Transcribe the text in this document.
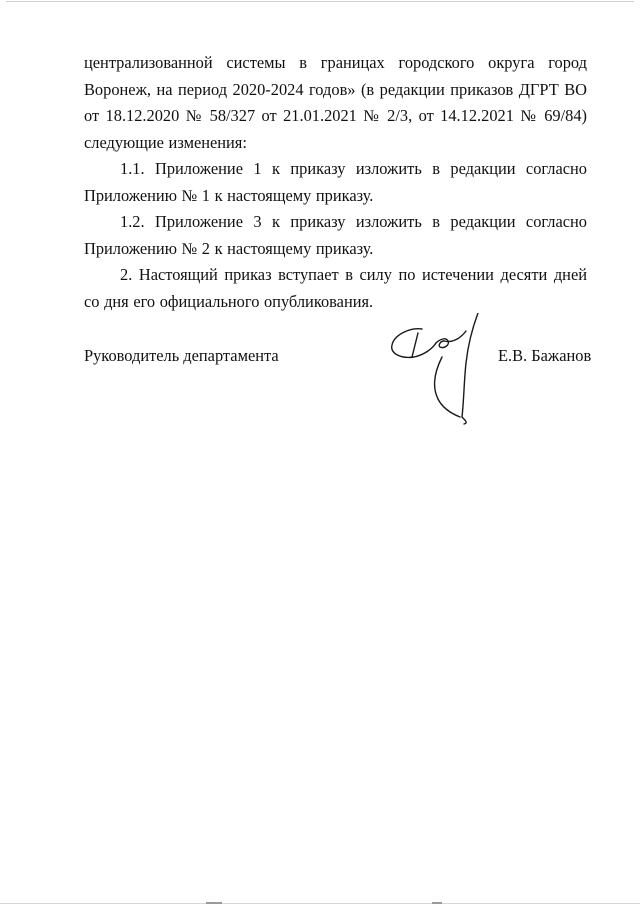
централизованной системы в границах городского округа город Воронеж, на период 2020-2024 годов» (в редакции приказов ДГРТ ВО от 18.12.2020 № 58/327 от 21.01.2021 № 2/3, от 14.12.2021 № 69/84) следующие изменения:

1.1. Приложение 1 к приказу изложить в редакции согласно Приложению № 1 к настоящему приказу.

1.2. Приложение 3 к приказу изложить в редакции согласно Приложению № 2 к настоящему приказу.

2. Настоящий приказ вступает в силу по истечении десяти дней со дня его официального опубликования.

Руководитель департамента	Е.В. Бажанов
